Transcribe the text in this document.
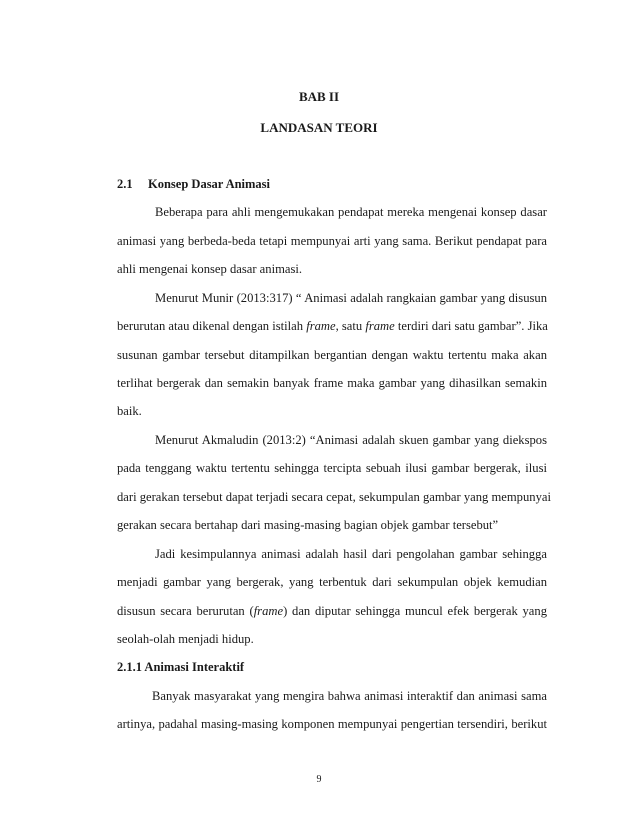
BAB II
LANDASAN TEORI
2.1 Konsep Dasar Animasi
Beberapa para ahli mengemukakan pendapat mereka mengenai konsep dasar
animasi yang berbeda-beda tetapi mempunyai arti yang sama. Berikut pendapat para
ahli mengenai konsep dasar animasi.
Menurut Munir (2013:317) “ Animasi adalah rangkaian gambar yang disusun
berurutan atau dikenal dengan istilah frame, satu frame terdiri dari satu gambar”. Jika
susunan gambar tersebut ditampilkan bergantian dengan waktu tertentu maka akan
terlihat bergerak dan semakin banyak frame maka gambar yang dihasilkan semakin
baik.
Menurut Akmaludin (2013:2) “Animasi adalah skuen gambar yang diekspos
pada tenggang waktu tertentu sehingga tercipta sebuah ilusi gambar bergerak, ilusi
dari gerakan tersebut dapat terjadi secara cepat, sekumpulan gambar yang mempunyai
gerakan secara bertahap dari masing-masing bagian objek gambar tersebut”
Jadi kesimpulannya animasi adalah hasil dari pengolahan gambar sehingga
menjadi gambar yang bergerak, yang terbentuk dari sekumpulan objek kemudian
disusun secara berurutan (frame) dan diputar sehingga muncul efek bergerak yang
seolah-olah menjadi hidup.
2.1.1 Animasi Interaktif
Banyak masyarakat yang mengira bahwa animasi interaktif dan animasi sama
artinya, padahal masing-masing komponen mempunyai pengertian tersendiri, berikut
9
